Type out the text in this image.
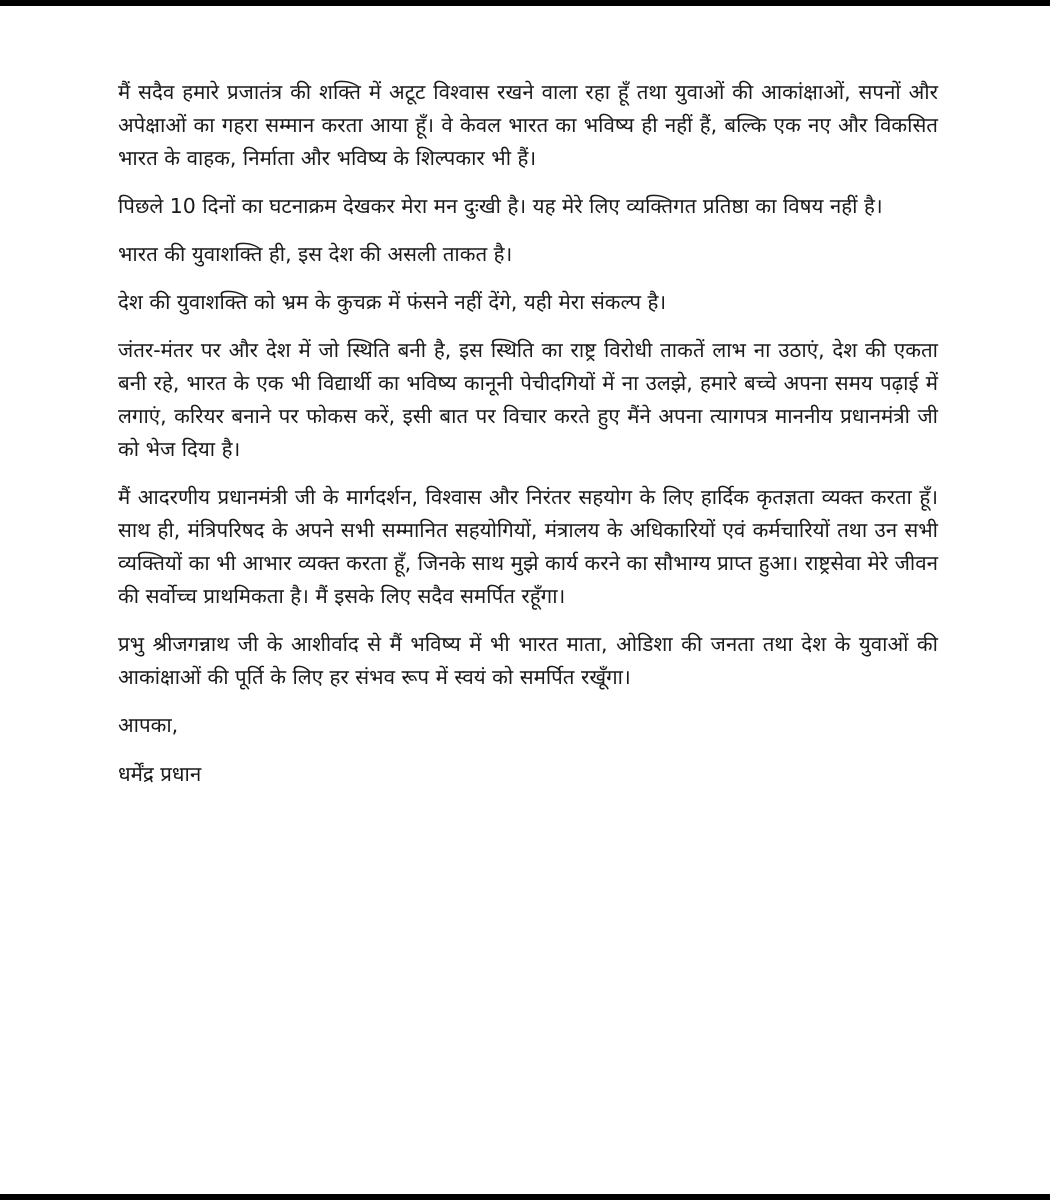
मैं सदैव हमारे प्रजातंत्र की शक्ति में अटूट विश्वास रखने वाला रहा हूँ तथा युवाओं की आकांक्षाओं, सपनों और अपेक्षाओं का गहरा सम्मान करता आया हूँ। वे केवल भारत का भविष्य ही नहीं हैं, बल्कि एक नए और विकसित भारत के वाहक, निर्माता और भविष्य के शिल्पकार भी हैं।

पिछले 10 दिनों का घटनाक्रम देखकर मेरा मन दुःखी है। यह मेरे लिए व्यक्तिगत प्रतिष्ठा का विषय नहीं है।

भारत की युवाशक्ति ही, इस देश की असली ताकत है।

देश की युवाशक्ति को भ्रम के कुचक्र में फंसने नहीं देंगे, यही मेरा संकल्प है।

जंतर-मंतर पर और देश में जो स्थिति बनी है, इस स्थिति का राष्ट्र विरोधी ताकतें लाभ ना उठाएं, देश की एकता बनी रहे, भारत के एक भी विद्यार्थी का भविष्य कानूनी पेचीदगियों में ना उलझे, हमारे बच्चे अपना समय पढ़ाई में लगाएं, करियर बनाने पर फोकस करें, इसी बात पर विचार करते हुए मैंने अपना त्यागपत्र माननीय प्रधानमंत्री जी को भेज दिया है।

मैं आदरणीय प्रधानमंत्री जी के मार्गदर्शन, विश्वास और निरंतर सहयोग के लिए हार्दिक कृतज्ञता व्यक्त करता हूँ। साथ ही, मंत्रिपरिषद के अपने सभी सम्मानित सहयोगियों, मंत्रालय के अधिकारियों एवं कर्मचारियों तथा उन सभी व्यक्तियों का भी आभार व्यक्त करता हूँ, जिनके साथ मुझे कार्य करने का सौभाग्य प्राप्त हुआ। राष्ट्रसेवा मेरे जीवन की सर्वोच्च प्राथमिकता है। मैं इसके लिए सदैव समर्पित रहूँगा।

प्रभु श्रीजगन्नाथ जी के आशीर्वाद से मैं भविष्य में भी भारत माता, ओडिशा की जनता तथा देश के युवाओं की आकांक्षाओं की पूर्ति के लिए हर संभव रूप में स्वयं को समर्पित रखूँगा।

आपका,

धर्मेंद्र प्रधान
